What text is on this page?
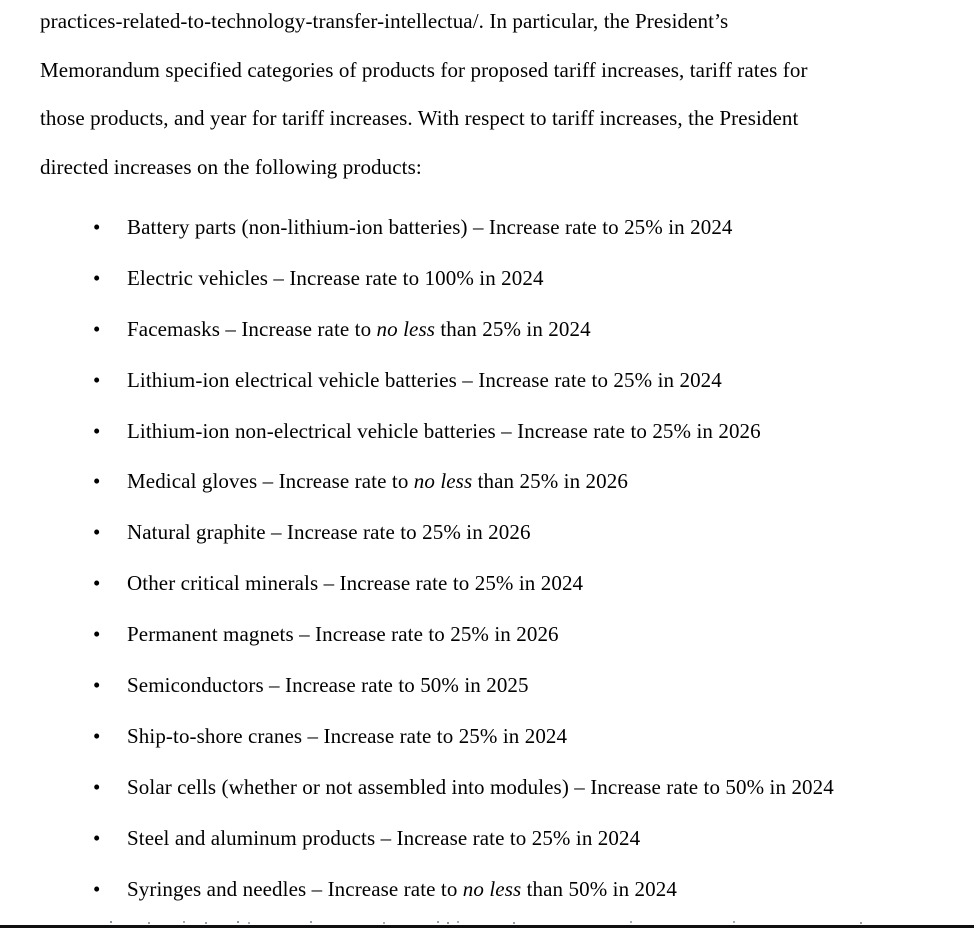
practices-related-to-technology-transfer-intellectua/. In particular, the President’s
Memorandum specified categories of products for proposed tariff increases, tariff rates for
those products, and year for tariff increases. With respect to tariff increases, the President
directed increases on the following products:
• Battery parts (non-lithium-ion batteries) – Increase rate to 25% in 2024
• Electric vehicles – Increase rate to 100% in 2024
• Facemasks – Increase rate to no less than 25% in 2024
• Lithium-ion electrical vehicle batteries – Increase rate to 25% in 2024
• Lithium-ion non-electrical vehicle batteries – Increase rate to 25% in 2026
• Medical gloves – Increase rate to no less than 25% in 2026
• Natural graphite – Increase rate to 25% in 2026
• Other critical minerals – Increase rate to 25% in 2024
• Permanent magnets – Increase rate to 25% in 2026
• Semiconductors – Increase rate to 50% in 2025
• Ship-to-shore cranes – Increase rate to 25% in 2024
• Solar cells (whether or not assembled into modules) – Increase rate to 50% in 2024
• Steel and aluminum products – Increase rate to 25% in 2024
• Syringes and needles – Increase rate to no less than 50% in 2024
